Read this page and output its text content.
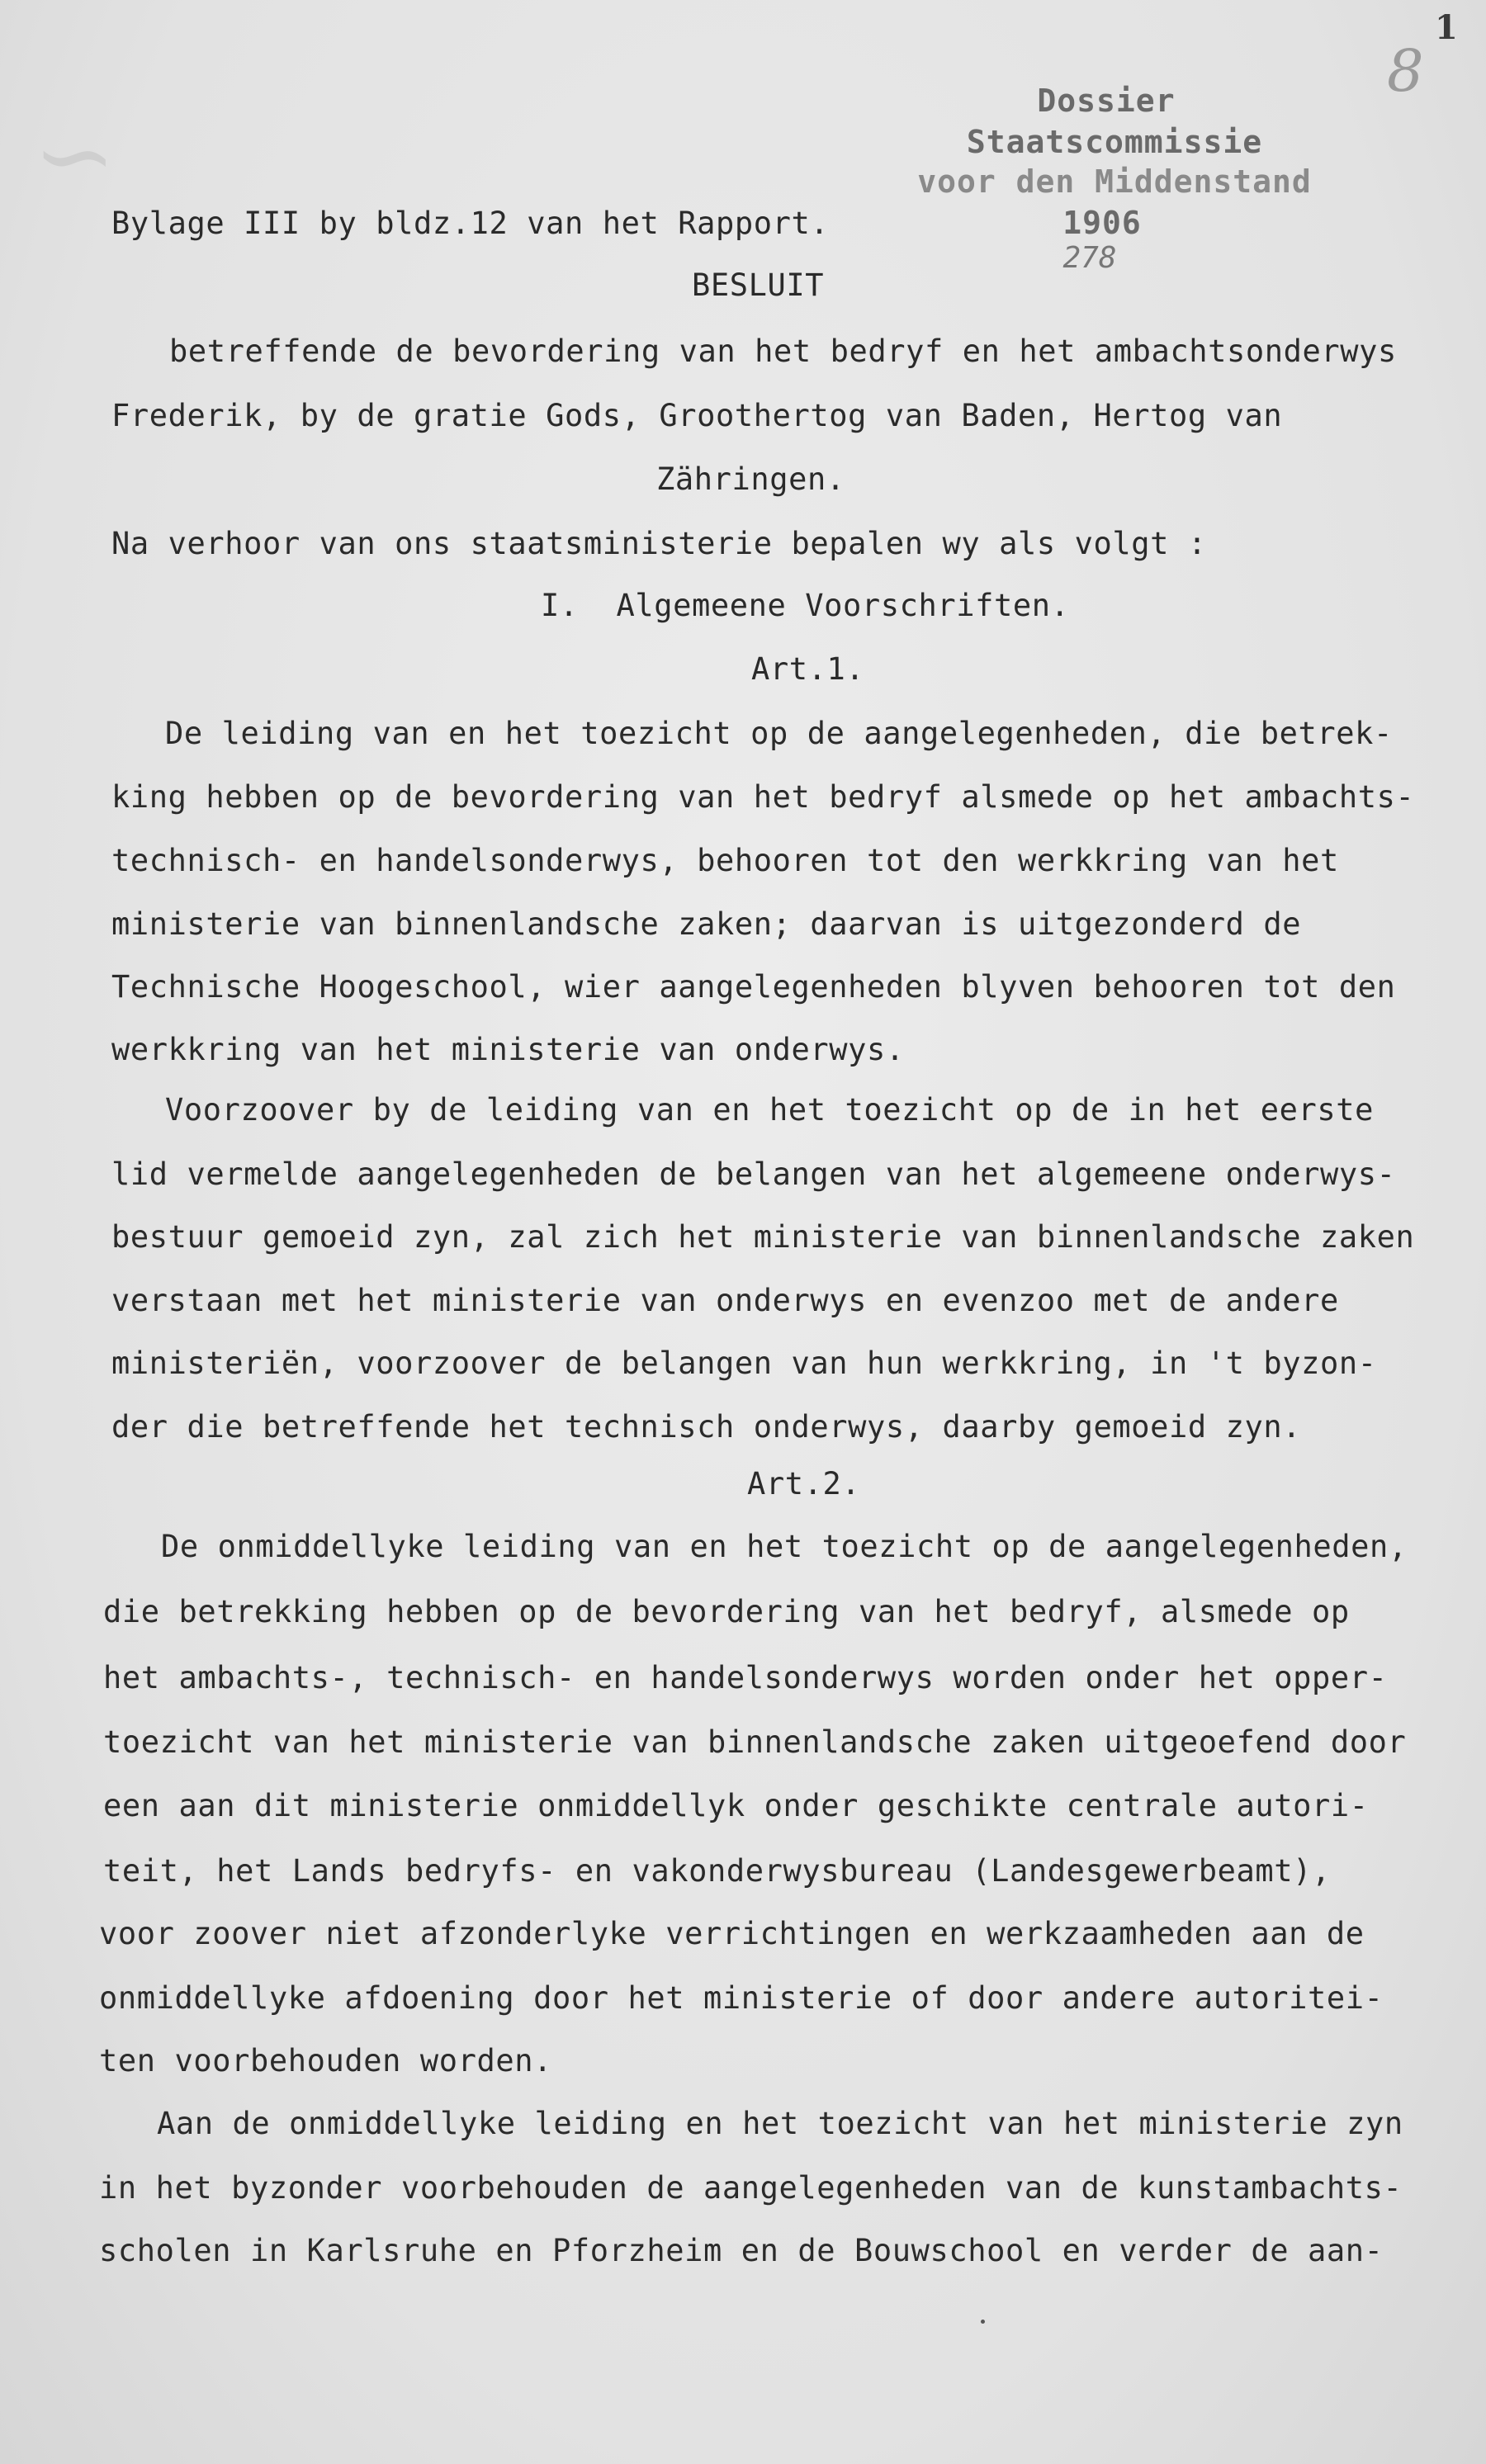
∽
1
8
Dossier
Staatscommissie
voor den Middenstand
1906
278
Bylage III by bldz.12 van het Rapport.
BESLUIT
betreffende de bevordering van het bedryf en het ambachtsonderwys
Frederik, by de gratie Gods, Groothertog van Baden, Hertog van
Zähringen.
Na verhoor van ons staatsministerie bepalen wy als volgt :
I.  Algemeene Voorschriften.
Art.1.
De leiding van en het toezicht op de aangelegenheden, die betrek-
king hebben op de bevordering van het bedryf alsmede op het ambachts-
technisch- en handelsonderwys, behooren tot den werkkring van het
ministerie van binnenlandsche zaken; daarvan is uitgezonderd de
Technische Hoogeschool, wier aangelegenheden blyven behooren tot den
werkkring van het ministerie van onderwys.
Voorzoover by de leiding van en het toezicht op de in het eerste
lid vermelde aangelegenheden de belangen van het algemeene onderwys-
bestuur gemoeid zyn, zal zich het ministerie van binnenlandsche zaken
verstaan met het ministerie van onderwys en evenzoo met de andere
ministeriën, voorzoover de belangen van hun werkkring, in 't byzon-
der die betreffende het technisch onderwys, daarby gemoeid zyn.
Art.2.
De onmiddellyke leiding van en het toezicht op de aangelegenheden,
die betrekking hebben op de bevordering van het bedryf, alsmede op
het ambachts-, technisch- en handelsonderwys worden onder het opper-
toezicht van het ministerie van binnenlandsche zaken uitgeoefend door
een aan dit ministerie onmiddellyk onder geschikte centrale autori-
teit, het Lands bedryfs- en vakonderwysbureau (Landesgewerbeamt),
voor zoover niet afzonderlyke verrichtingen en werkzaamheden aan de
onmiddellyke afdoening door het ministerie of door andere autoritei-
ten voorbehouden worden.
Aan de onmiddellyke leiding en het toezicht van het ministerie zyn
in het byzonder voorbehouden de aangelegenheden van de kunstambachts-
scholen in Karlsruhe en Pforzheim en de Bouwschool en verder de aan-
